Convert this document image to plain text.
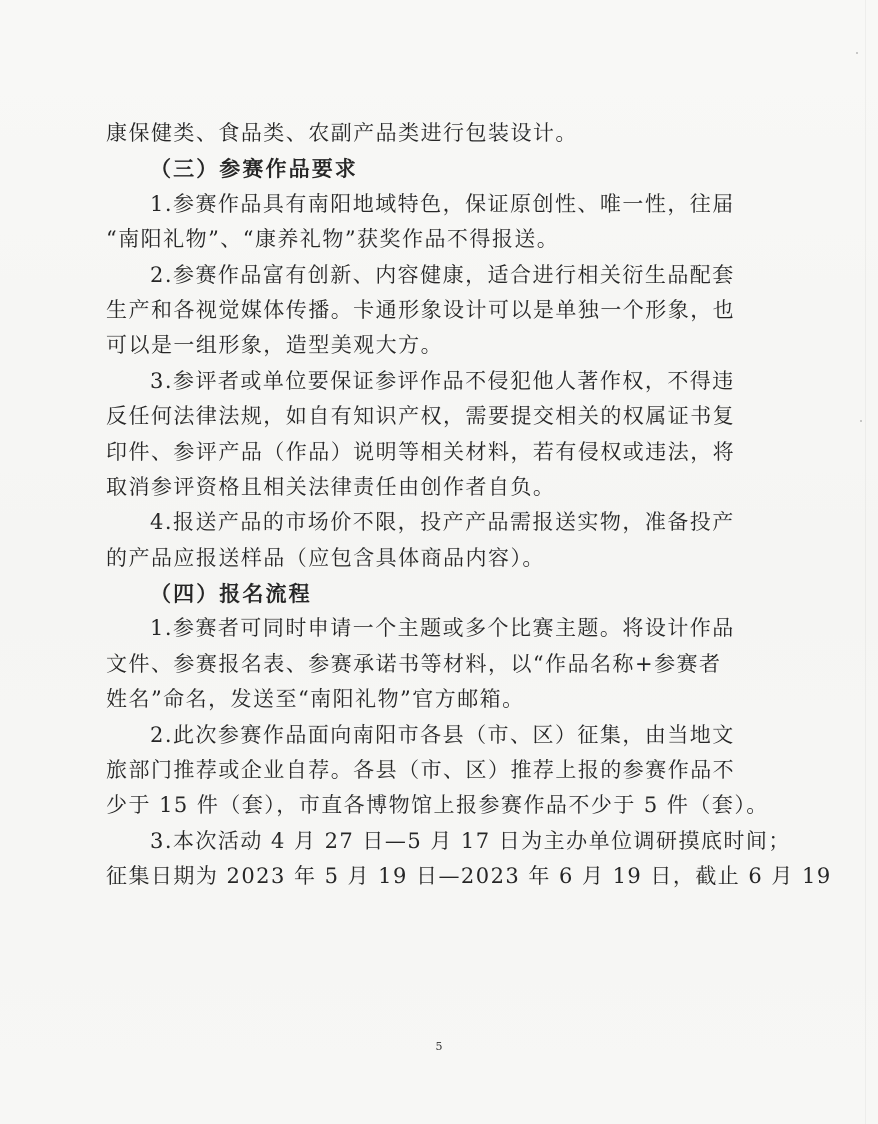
康保健类、食品类、农副产品类进行包装设计。
（三）参赛作品要求
1.参赛作品具有南阳地域特色，保证原创性、唯一性，往届
“南阳礼物”、“康养礼物”获奖作品不得报送。
2.参赛作品富有创新、内容健康，适合进行相关衍生品配套
生产和各视觉媒体传播。卡通形象设计可以是单独一个形象，也
可以是一组形象，造型美观大方。
3.参评者或单位要保证参评作品不侵犯他人著作权，不得违
反任何法律法规，如自有知识产权，需要提交相关的权属证书复
印件、参评产品（作品）说明等相关材料，若有侵权或违法，将
取消参评资格且相关法律责任由创作者自负。
4.报送产品的市场价不限，投产产品需报送实物，准备投产
的产品应报送样品（应包含具体商品内容）。
（四）报名流程
1.参赛者可同时申请一个主题或多个比赛主题。将设计作品
文件、参赛报名表、参赛承诺书等材料，以“作品名称+参赛者
姓名”命名，发送至“南阳礼物”官方邮箱。
2.此次参赛作品面向南阳市各县（市、区）征集，由当地文
旅部门推荐或企业自荐。各县（市、区）推荐上报的参赛作品不
少于 15 件（套），市直各博物馆上报参赛作品不少于 5 件（套）。
3.本次活动 4 月 27 日—5 月 17 日为主办单位调研摸底时间；
征集日期为 2023 年 5 月 19 日—2023 年 6 月 19 日，截止 6 月 19
5
